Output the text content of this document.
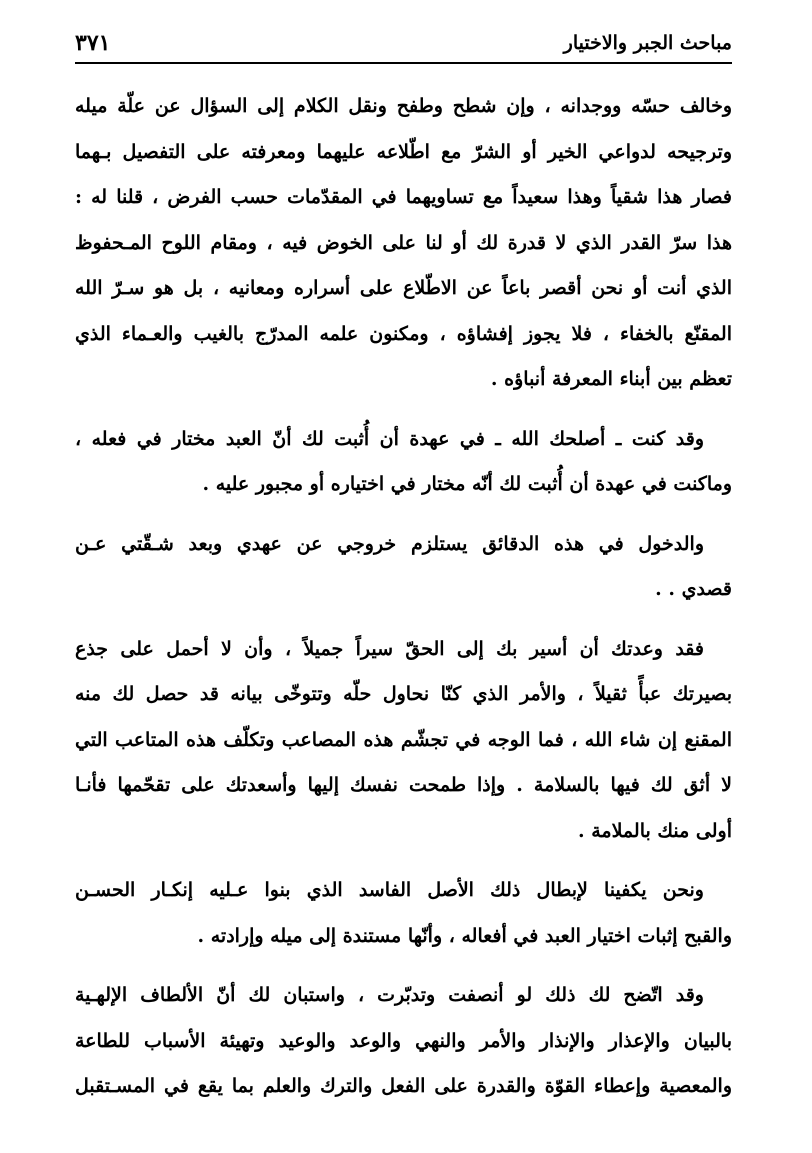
مباحث الجبر والاختيار
٣٧١
وخالف حسّه ووجدانه ، وإن شطح وطفح ونقل الكلام إلى السؤال عن علّة ميله
وترجيحه لدواعي الخير أو الشرّ مع اطّلاعه عليهما ومعرفته على التفصيل بـهما
فصار هذا شقياً وهذا سعيداً مع تساويهما في المقدّمات حسب الفرض ، قلنا له :
هذا سرّ القدر الذي لا قدرة لك أو لنا على الخوض فيه ، ومقام اللوح المـحفوظ
الذي أنت أو نحن أقصر باعاً عن الاطّلاع على أسراره ومعانيه ، بل هو سـرّ الله
المقنّع بالخفاء ، فلا يجوز إفشاؤه ، ومكنون علمه المدرّج بالغيب والعـماء الذي
تعظم بين أبناء المعرفة أنباؤه .
وقد كنت ـ أصلحك الله ـ في عهدة أن أُثبت لك أنّ العبد مختار في فعله ،
وماكنت في عهدة أن أُثبت لك أنّه مختار في اختياره أو مجبور عليه .
والدخول في هذه الدقائق يستلزم خروجي عن عهدي وبعد شـقّتي عـن
قصدي . .
فقد وعدتك أن أسير بك إلى الحقّ سيراً جميلاً ، وأن لا أحمل على جذع
بصيرتك عبأً ثقيلاً ، والأمر الذي كنّا نحاول حلّه وتتوخّى بيانه قد حصل لك منه
المقنع إن شاء الله ، فما الوجه في تجشّم هذه المصاعب وتكلّف هذه المتاعب التي
لا أثق لك فيها بالسلامة . وإذا طمحت نفسك إليها وأسعدتك على تقحّمها فأنـا
أولى منك بالملامة .
ونحن يكفينا لإبطال ذلك الأصل الفاسد الذي بنوا عـليه إنكـار الحسـن
والقبح إثبات اختيار العبد في أفعاله ، وأنّها مستندة إلى ميله وإرادته .
وقد اتّضح لك ذلك لو أنصفت وتدبّرت ، واستبان لك أنّ الألطاف الإلهـية
بالبيان والإعذار والإنذار والأمر والنهي والوعد والوعيد وتهيئة الأسباب للطاعة
والمعصية وإعطاء القوّة والقدرة على الفعل والترك والعلم بما يقع في المسـتقبل
